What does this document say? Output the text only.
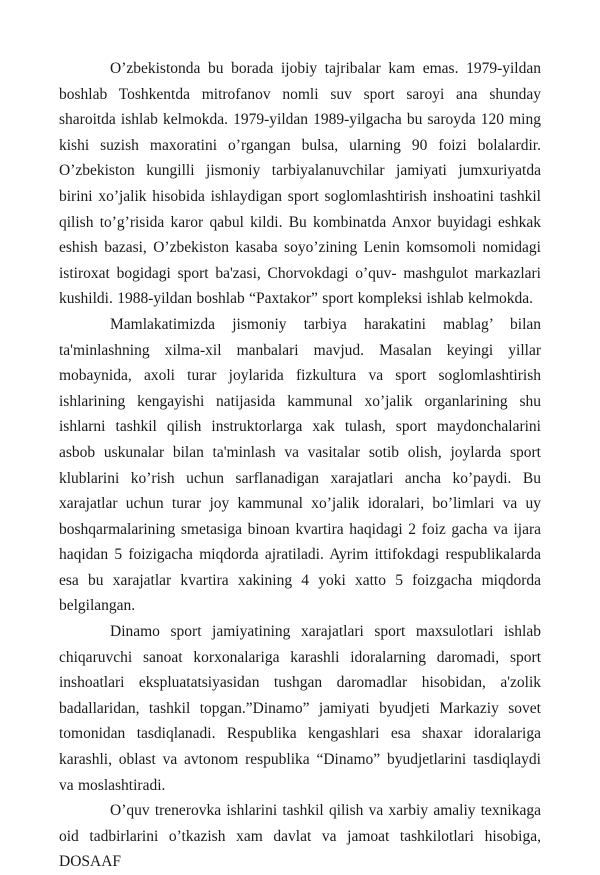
O’zbekistonda bu borada ijobiy tajribalar kam emas. 1979-yildan boshlab Toshkentda mitrofanov nomli suv sport saroyi ana shunday sharoitda ishlab kelmokda. 1979-yildan 1989-yilgacha bu saroyda 120 ming kishi suzish maxoratini o’rgangan bulsa, ularning 90 foizi bolalardir. O’zbekiston kungilli jismoniy tarbiyalanuvchilar jamiyati jumxuriyatda birini xo’jalik hisobida ishlaydigan sport soglomlashtirish inshoatini tashkil qilish to’g’risida karor qabul kildi. Bu kombinatda Anxor buyidagi eshkak eshish bazasi, O’zbekiston kasaba soyo’zining Lenin komsomoli nomidagi istiroxat bogidagi sport ba'zasi, Chorvokdagi o’quv- mashgulot markazlari kushildi. 1988-yildan boshlab “Paxtakor” sport kompleksi ishlab kelmokda.

Mamlakatimizda jismoniy tarbiya harakatini mablag’ bilan ta'minlashning xilma-xil manbalari mavjud. Masalan keyingi yillar mobaynida, axoli turar joylarida fizkultura va sport soglomlashtirish ishlarining kengayishi natijasida kammunal xo’jalik organlarining shu ishlarni tashkil qilish instruktorlarga xak tulash, sport maydonchalarini asbob uskunalar bilan ta'minlash va vasitalar sotib olish, joylarda sport klublarini ko’rish uchun sarflanadigan xarajatlari ancha ko’paydi. Bu xarajatlar uchun turar joy kammunal xo’jalik idoralari, bo’limlari va uy boshqarmalarining smetasiga binoan kvartira haqidagi 2 foiz gacha va ijara haqidan 5 foizigacha miqdorda ajratiladi. Ayrim ittifokdagi respublikalarda esa bu xarajatlar kvartira xakining 4 yoki xatto 5 foizgacha miqdorda belgilangan.

Dinamo sport jamiyatining xarajatlari sport maxsulotlari ishlab chiqaruvchi sanoat korxonalariga karashli idoralarning daromadi, sport inshoatlari ekspluatatsiyasidan tushgan daromadlar hisobidan, a'zolik badallaridan, tashkil topgan.”Dinamo” jamiyati byudjeti Markaziy sovet tomonidan tasdiqlanadi. Respublika kengashlari esa shaxar idoralariga karashli, oblast va avtonom respublika “Dinamo” byudjetlarini tasdiqlaydi va moslashtiradi.

O’quv trenerovka ishlarini tashkil qilish va xarbiy amaliy texnikaga oid tadbirlarini o’tkazish xam davlat va jamoat tashkilotlari hisobiga, DOSAAF
